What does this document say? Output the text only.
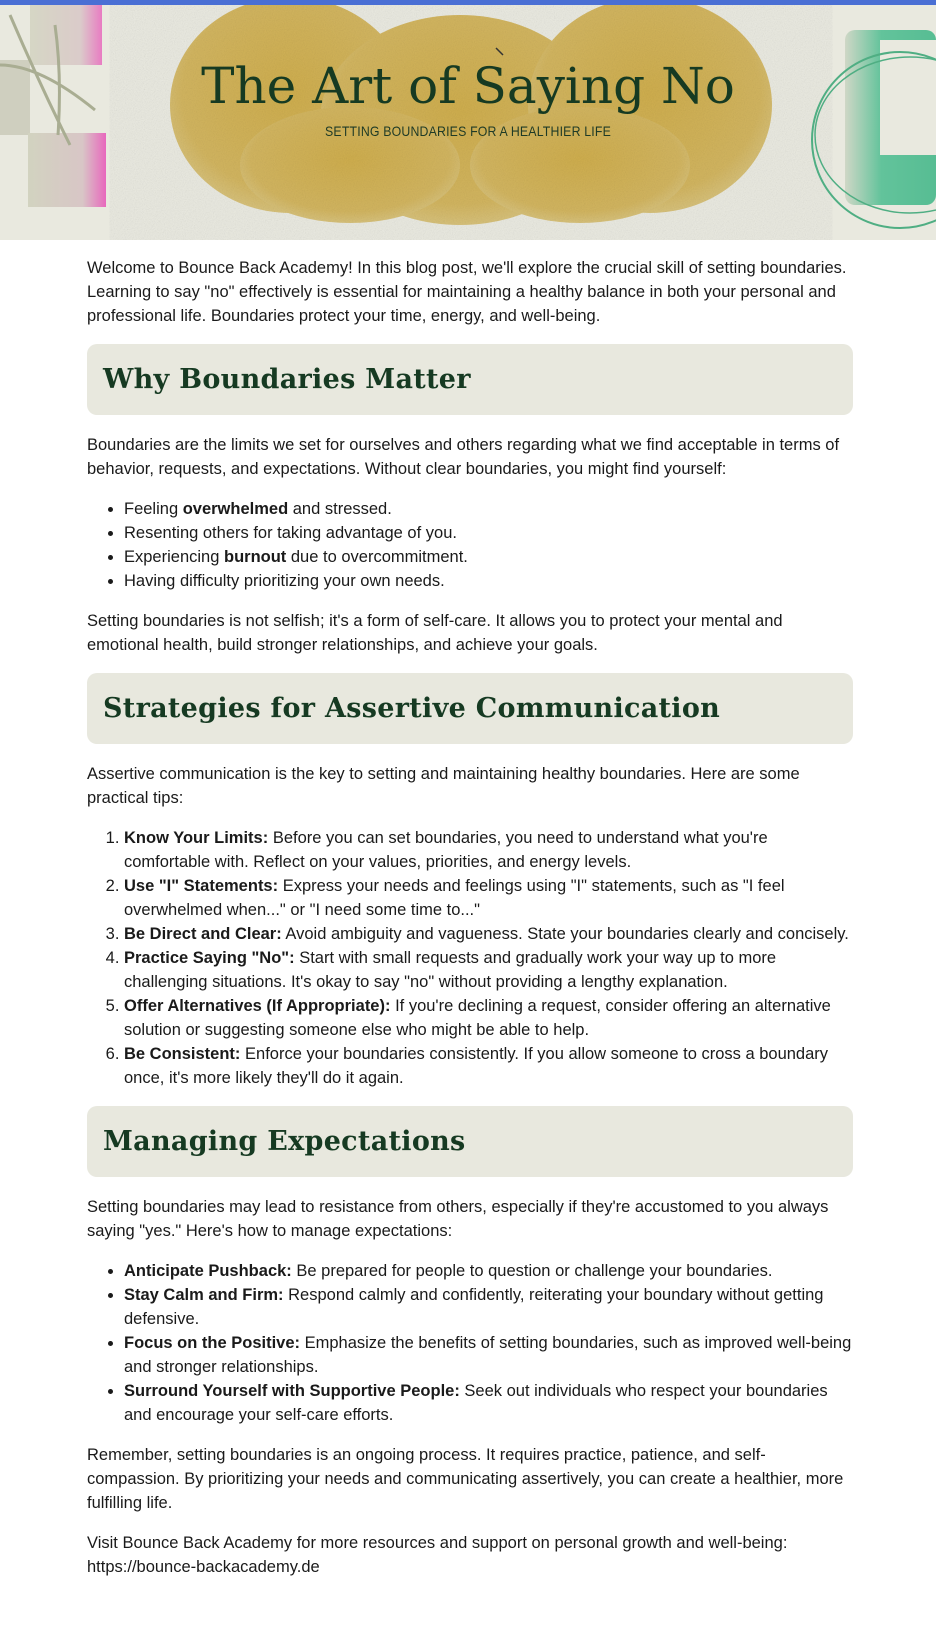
The Art of Saying No
SETTING BOUNDARIES FOR A HEALTHIER LIFE

Welcome to Bounce Back Academy! In this blog post, we'll explore the crucial skill of setting boundaries. Learning to say "no" effectively is essential for maintaining a healthy balance in both your personal and professional life. Boundaries protect your time, energy, and well-being.

Why Boundaries Matter

Boundaries are the limits we set for ourselves and others regarding what we find acceptable in terms of behavior, requests, and expectations. Without clear boundaries, you might find yourself:

• Feeling overwhelmed and stressed.
• Resenting others for taking advantage of you.
• Experiencing burnout due to overcommitment.
• Having difficulty prioritizing your own needs.

Setting boundaries is not selfish; it's a form of self-care. It allows you to protect your mental and emotional health, build stronger relationships, and achieve your goals.

Strategies for Assertive Communication

Assertive communication is the key to setting and maintaining healthy boundaries. Here are some practical tips:

1. Know Your Limits: Before you can set boundaries, you need to understand what you're comfortable with. Reflect on your values, priorities, and energy levels.
2. Use "I" Statements: Express your needs and feelings using "I" statements, such as "I feel overwhelmed when..." or "I need some time to..."
3. Be Direct and Clear: Avoid ambiguity and vagueness. State your boundaries clearly and concisely.
4. Practice Saying "No": Start with small requests and gradually work your way up to more challenging situations. It's okay to say "no" without providing a lengthy explanation.
5. Offer Alternatives (If Appropriate): If you're declining a request, consider offering an alternative solution or suggesting someone else who might be able to help.
6. Be Consistent: Enforce your boundaries consistently. If you allow someone to cross a boundary once, it's more likely they'll do it again.
Managing Expectations

Setting boundaries may lead to resistance from others, especially if they're accustomed to you always saying "yes." Here's how to manage expectations:

• Anticipate Pushback: Be prepared for people to question or challenge your boundaries.
• Stay Calm and Firm: Respond calmly and confidently, reiterating your boundary without getting defensive.
• Focus on the Positive: Emphasize the benefits of setting boundaries, such as improved well-being and stronger relationships.
• Surround Yourself with Supportive People: Seek out individuals who respect your boundaries and encourage your self-care efforts.

Remember, setting boundaries is an ongoing process. It requires practice, patience, and self-compassion. By prioritizing your needs and communicating assertively, you can create a healthier, more fulfilling life.

Visit Bounce Back Academy for more resources and support on personal growth and well-being: https://bounce-backacademy.de
